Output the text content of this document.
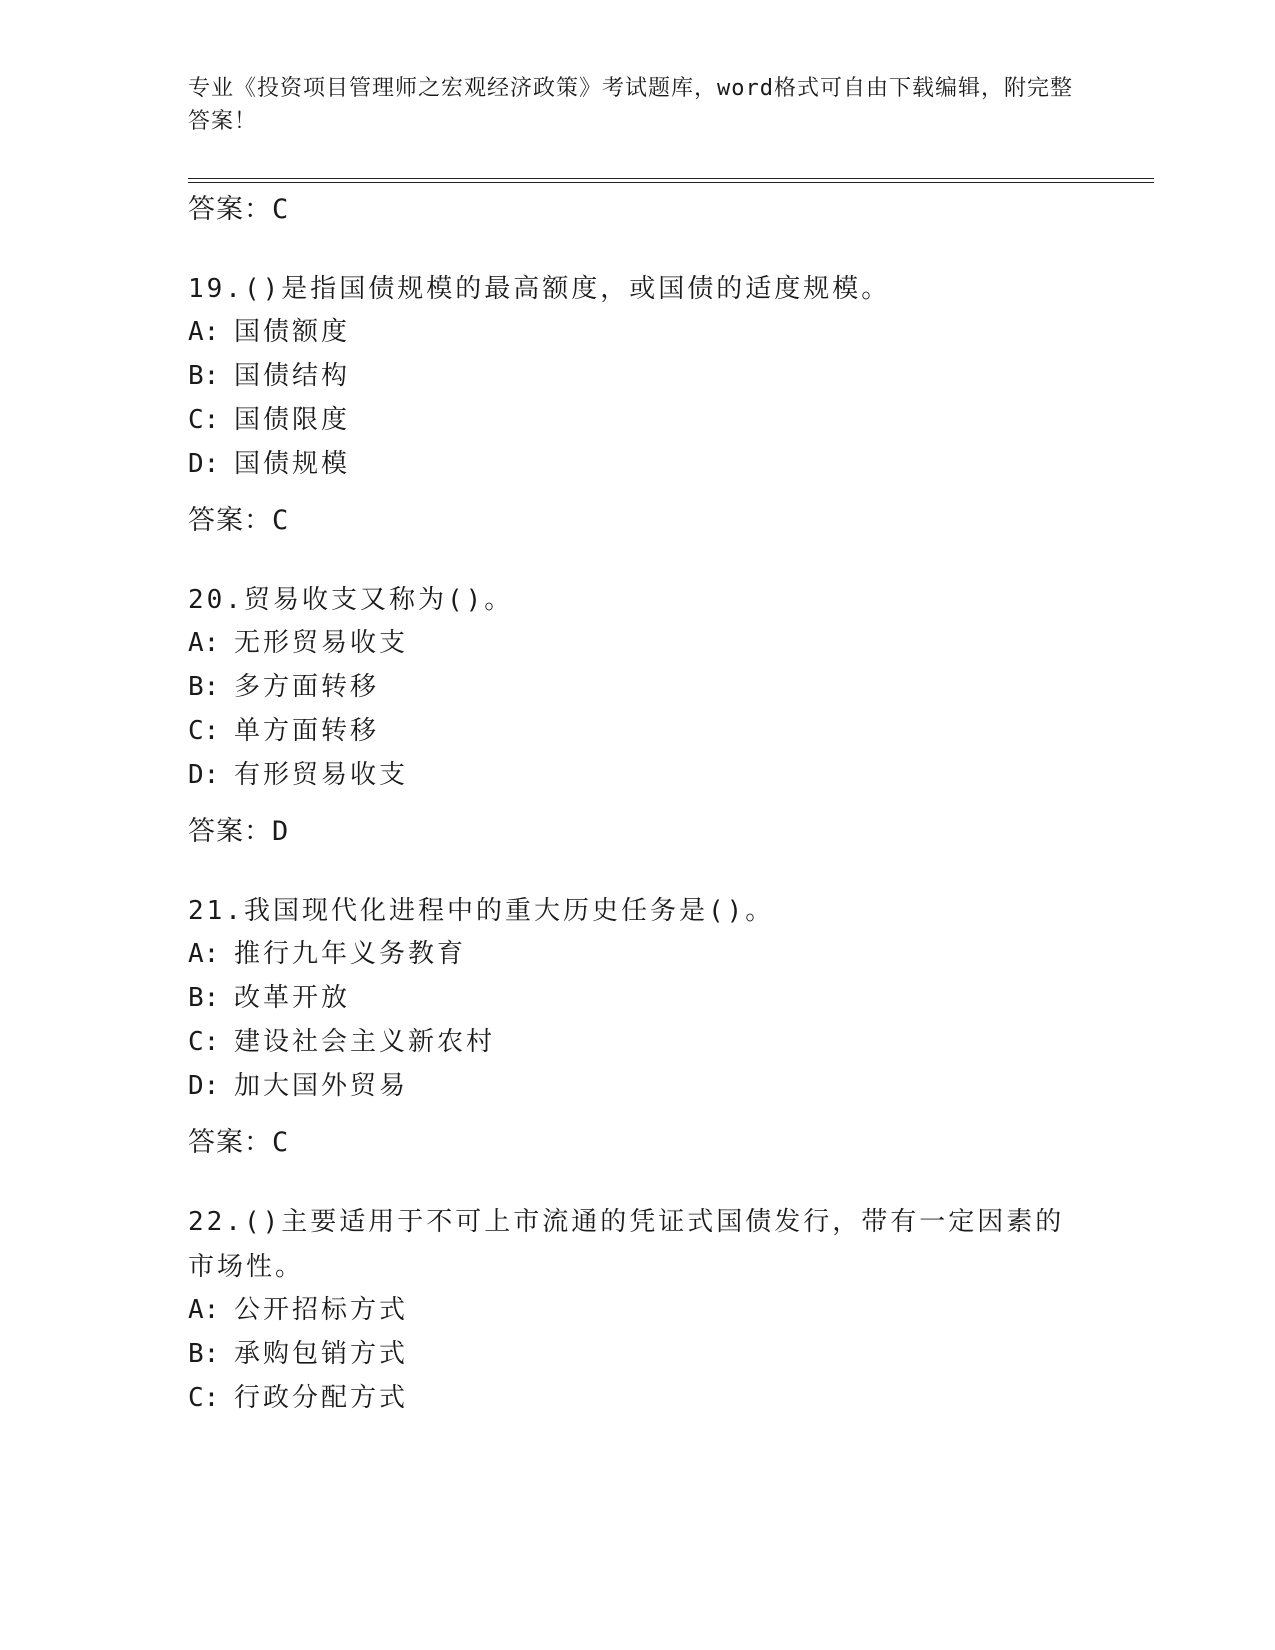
专业《投资项目管理师之宏观经济政策》考试题库，word格式可自由下载编辑，附完整答案！
答案：C
19.()是指国债规模的最高额度，或国债的适度规模。
A: 国债额度
B: 国债结构
C: 国债限度
D: 国债规模
答案：C
20.贸易收支又称为()。
A: 无形贸易收支
B: 多方面转移
C: 单方面转移
D: 有形贸易收支
答案：D
21.我国现代化进程中的重大历史任务是()。
A: 推行九年义务教育
B: 改革开放
C: 建设社会主义新农村
D: 加大国外贸易
答案：C
22.()主要适用于不可上市流通的凭证式国债发行，带有一定因素的市场性。
A: 公开招标方式
B: 承购包销方式
C: 行政分配方式
